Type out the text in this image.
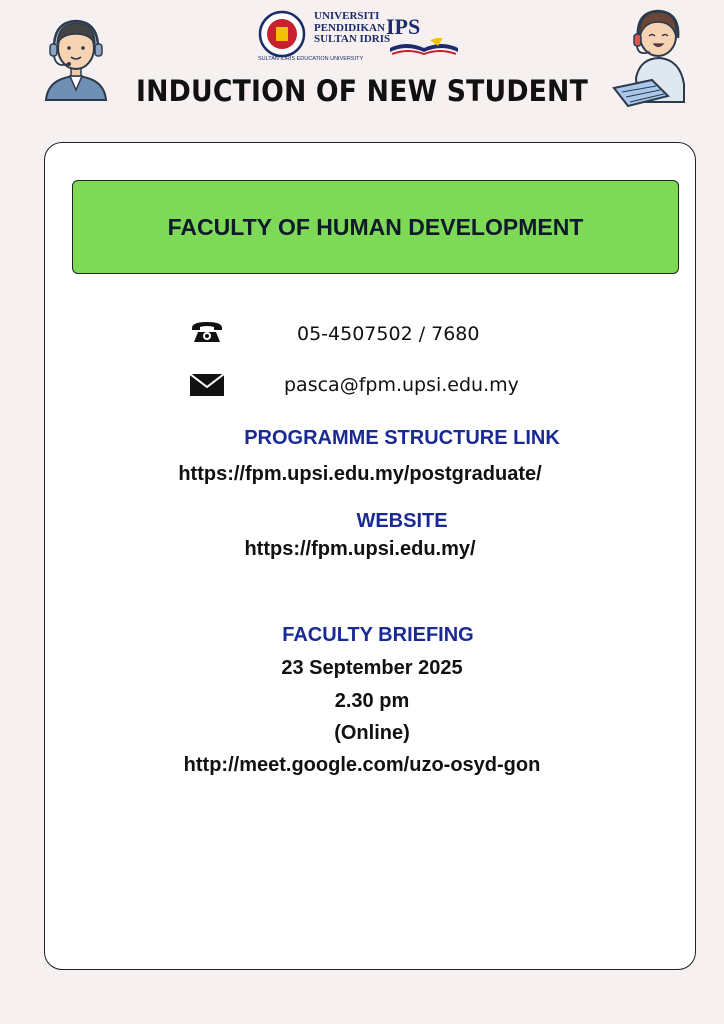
UNIVERSITI
PENDIDIKAN
SULTAN IDRIS
SULTAN IDRIS EDUCATION UNIVERSITY
IPS
INDUCTION OF NEW STUDENT
FACULTY OF HUMAN DEVELOPMENT
05-4507502 / 7680
pasca@fpm.upsi.edu.my
PROGRAMME STRUCTURE LINK
https://fpm.upsi.edu.my/postgraduate/
WEBSITE
https://fpm.upsi.edu.my/
FACULTY BRIEFING
23 September 2025
2.30 pm
(Online)
http://meet.google.com/uzo-osyd-gon
